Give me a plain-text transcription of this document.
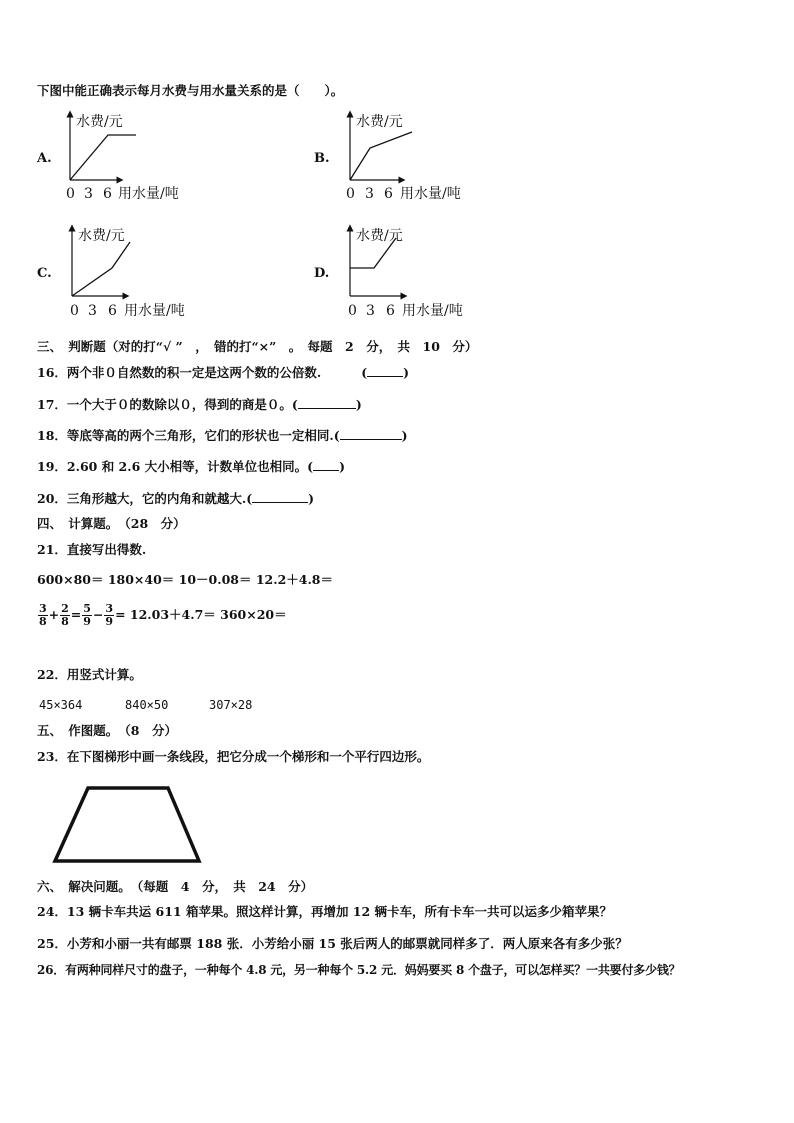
下图中能正确表示每月水费与用水量关系的是（　　）。
A.	B.
C.	D.
水费/元
0 3 6 用水量/吨
水费/元
0 3 6 用水量/吨
水费/元
0 3 6 用水量/吨
水费/元
0 3 6 用水量/吨
三、　判断题（对的打“√ ”　，　错的打“×”　。　每题　2　分，　共　10　分）
16．两个非０自然数的积一定是这两个数的公倍数.	(	)
17．一个大于０的数除以０，得到的商是０。(	)
18．等底等高的两个三角形，它们的形状也一定相同.(	)
19．2.60 和 2.6 大小相等，计数单位也相同。( )
20．三角形越大，它的内角和就越大.(	)
四、　计算题。　（28　分）
21．直接写出得数.
600×80＝ 180×40＝ 10－0.08＝ 12.2＋4.8＝
$\frac{3}{8} + \frac{2}{8} = \frac{5}{9} - \frac{3}{9} = 12.03+4.7= 360\times 20=$
22．用竖式计算。
45×364	840×50	307×28
五、　作图题。　（8　分）
23．在下图梯形中画一条线段，把它分成一个梯形和一个平行四边形。
六、　解决问题。　（每题　4　分，　共　24　分）
24．13 辆卡车共运 611 箱苹果。照这样计算，再增加 12 辆卡车，所有卡车一共可以运多少箱苹果？
25．小芳和小丽一共有邮票 188 张．小芳给小丽 15 张后两人的邮票就同样多了．两人原来各有多少张？
26．有两种同样尺寸的盘子，一种每个 4.8 元，另一种每个 5.2 元．妈妈要买 8 个盘子，可以怎样买？一共要付多少钱？
